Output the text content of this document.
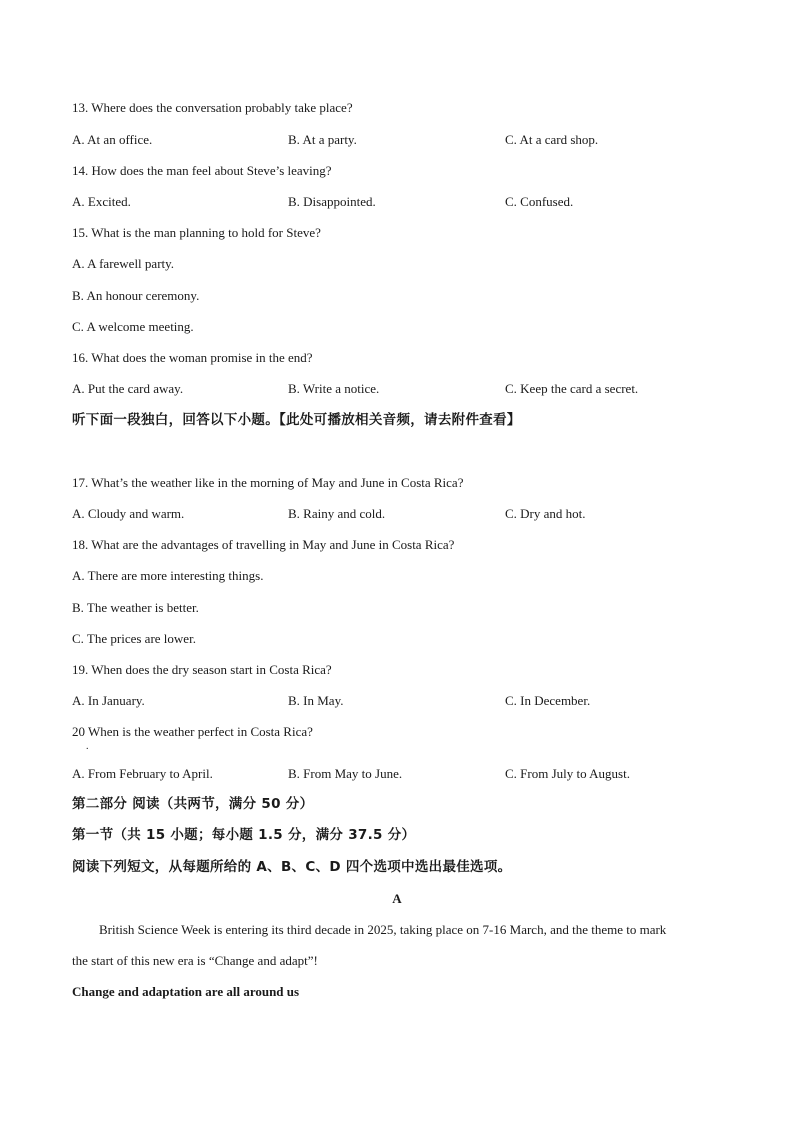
13. Where does the conversation probably take place?
A. At an office.	B. At a party.	C. At a card shop.
14. How does the man feel about Steve’s leaving?
A. Excited.	B. Disappointed.	C. Confused.
15. What is the man planning to hold for Steve?
A. A farewell party.
B. An honour ceremony.
C. A welcome meeting.
16. What does the woman promise in the end?
A. Put the card away.	B. Write a notice.	C. Keep the card a secret.
听下面一段独白，回答以下小题。【此处可播放相关音频，请去附件查看】
17. What’s the weather like in the morning of May and June in Costa Rica?
A. Cloudy and warm.	B. Rainy and cold.	C. Dry and hot.
18. What are the advantages of travelling in May and June in Costa Rica?
A. There are more interesting things.
B. The weather is better.
C. The prices are lower.
19. When does the dry season start in Costa Rica?
A. In January.	B. In May.	C. In December.
20 When is the weather perfect in Costa Rica?
.
A. From February to April.	B. From May to June.	C. From July to August.
第二部分 阅读（共两节，满分 50 分）
第一节（共 15 小题；每小题 1.5 分，满分 37.5 分）
阅读下列短文，从每题所给的 A、B、C、D 四个选项中选出最佳选项。
A
British Science Week is entering its third decade in 2025, taking place on 7-16 March, and the theme to mark
the start of this new era is “Change and adapt”!
Change and adaptation are all around us
